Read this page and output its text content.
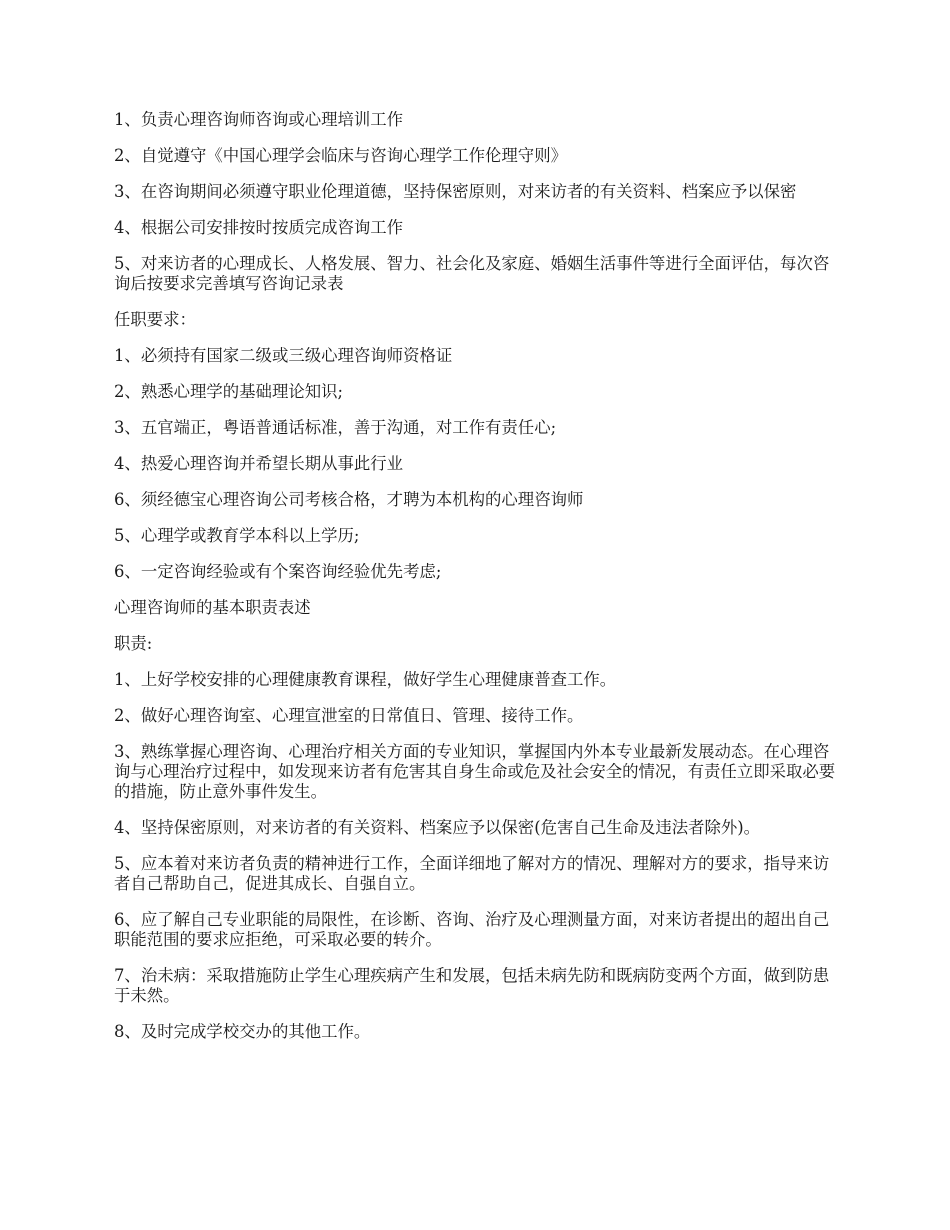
1、负责心理咨询师咨询或心理培训工作

2、自觉遵守《中国心理学会临床与咨询心理学工作伦理守则》

3、在咨询期间必须遵守职业伦理道德，坚持保密原则，对来访者的有关资料、档案应予以保密

4、根据公司安排按时按质完成咨询工作

5、对来访者的心理成长、人格发展、智力、社会化及家庭、婚姻生活事件等进行全面评估，每次咨询后按要求完善填写咨询记录表

任职要求：

1、必须持有国家二级或三级心理咨询师资格证

2、熟悉心理学的基础理论知识;

3、五官端正，粤语普通话标准，善于沟通，对工作有责任心;

4、热爱心理咨询并希望长期从事此行业

6、须经德宝心理咨询公司考核合格，才聘为本机构的心理咨询师

5、心理学或教育学本科以上学历;

6、一定咨询经验或有个案咨询经验优先考虑;

心理咨询师的基本职责表述

职责:

1、上好学校安排的心理健康教育课程，做好学生心理健康普查工作。

2、做好心理咨询室、心理宣泄室的日常值日、管理、接待工作。

3、熟练掌握心理咨询、心理治疗相关方面的专业知识，掌握国内外本专业最新发展动态。在心理咨询与心理治疗过程中，如发现来访者有危害其自身生命或危及社会安全的情况，有责任立即采取必要的措施，防止意外事件发生。

4、坚持保密原则，对来访者的有关资料、档案应予以保密(危害自己生命及违法者除外)。

5、应本着对来访者负责的精神进行工作，全面详细地了解对方的情况、理解对方的要求，指导来访者自己帮助自己，促进其成长、自强自立。

6、应了解自己专业职能的局限性，在诊断、咨询、治疗及心理测量方面，对来访者提出的超出自己职能范围的要求应拒绝，可采取必要的转介。

7、治未病：采取措施防止学生心理疾病产生和发展，包括未病先防和既病防变两个方面，做到防患于未然。

8、及时完成学校交办的其他工作。
